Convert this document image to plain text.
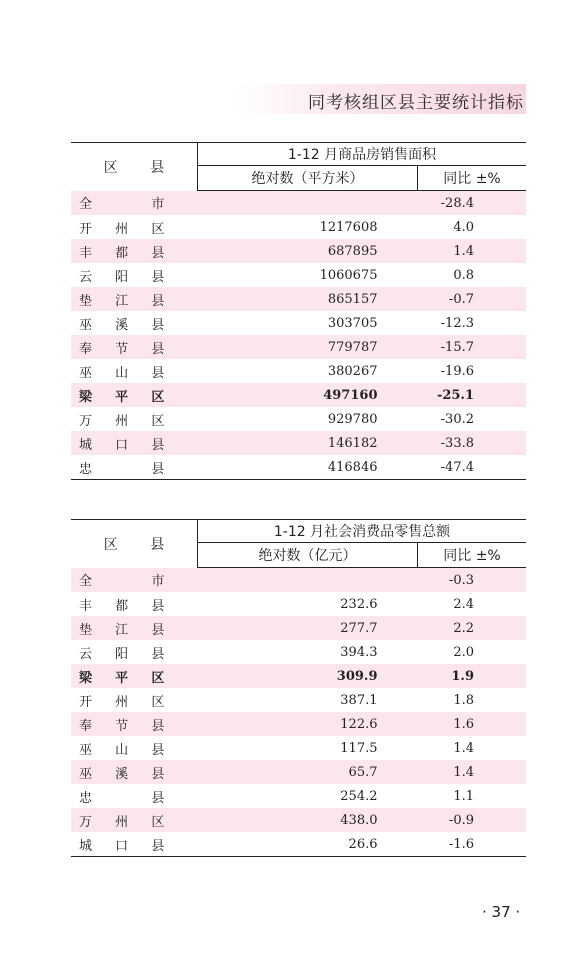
同考核组区县主要统计指标
区 县	1-12 月商品房销售面积	
	绝对数（平方米）	同比 ±%

全 市		-28.4

开 州 区	1217608	4.0

丰 都 县	687895	1.4

云 阳 县	1060675	0.8

垫 江 县	865157	-0.7

巫 溪 县	303705	-12.3

奉 节 县	779787	-15.7

巫 山 县	380267	-19.6

梁 平 区	497160	-25.1

万 州 区	929780	-30.2

城 口 县	146182	-33.8

忠 县	416846	-47.4
区 县	1-12 月社会消费品零售总额	
	绝对数（亿元）	同比 ±%

全 市		-0.3

丰 都 县	232.6	2.4

垫 江 县	277.7	2.2

云 阳 县	394.3	2.0

梁 平 区	309.9	1.9

开 州 区	387.1	1.8

奉 节 县	122.6	1.6

巫 山 县	117.5	1.4

巫 溪 县	65.7	1.4

忠 县	254.2	1.1

万 州 区	438.0	-0.9

城 口 县	26.6	-1.6
· 37 ·
